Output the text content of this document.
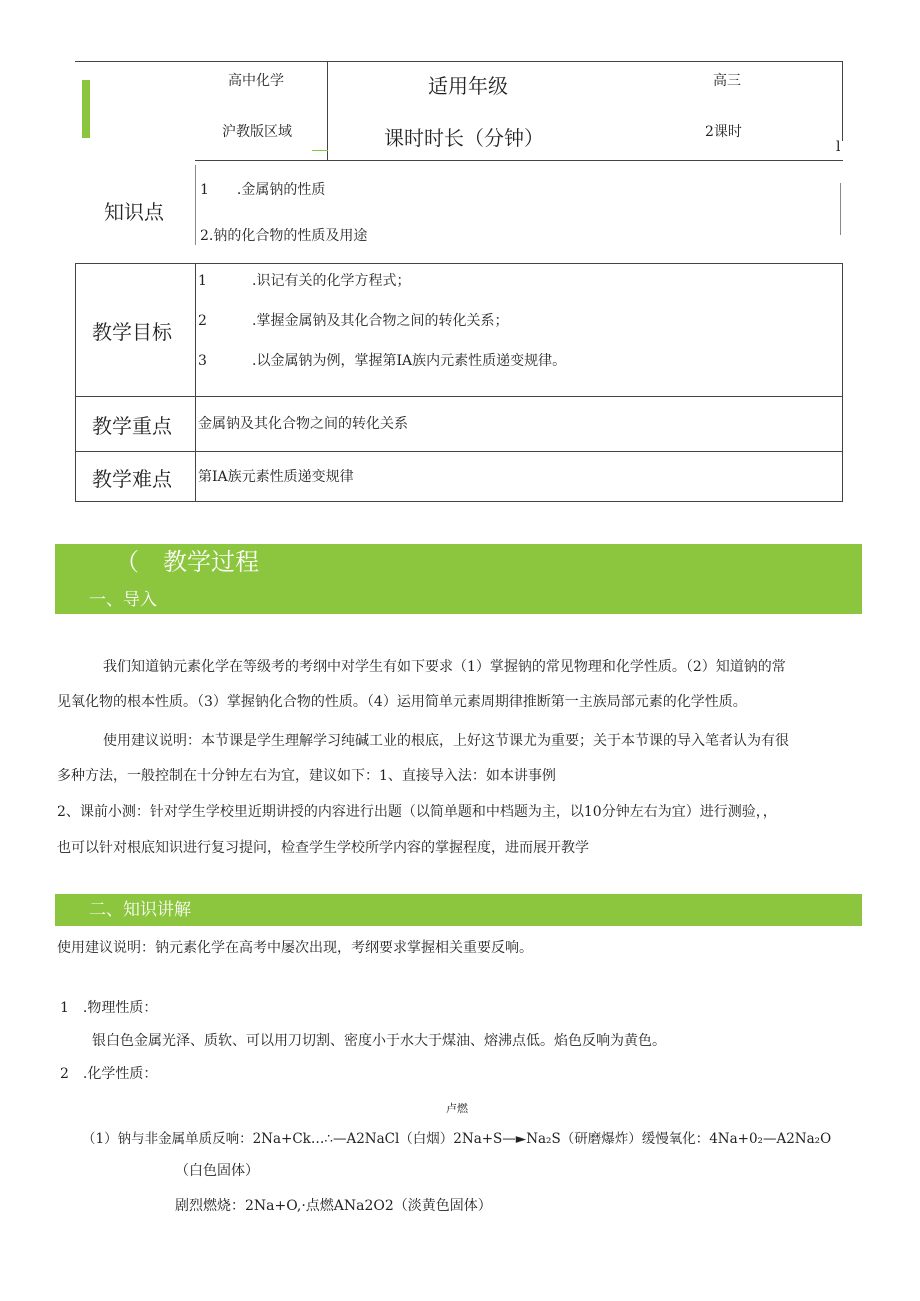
高中化学	适用年级	高三
沪教版区域	课时时长（分钟）	2课时
l
知识点
1　　.金属钠的性质
2.钠的化合物的性质及用途
教学目标
1	.识记有关的化学方程式；
2	.掌握金属钠及其化合物之间的转化关系；
3	.以金属钠为例，掌握第IA族内元素性质递变规律。
教学重点 金属钠及其化合物之间的转化关系
教学难点 第IA族元素性质递变规律
（　教学过程
一、导入
我们知道钠元素化学在等级考的考纲中对学生有如下要求（1）掌握钠的常见物理和化学性质。（2）知道钠的常
见氧化物的根本性质。（3）掌握钠化合物的性质。（4）运用简单元素周期律推断第一主族局部元素的化学性质。
使用建议说明：本节课是学生理解学习纯碱工业的根底，上好这节课尤为重要；关于本节课的导入笔者认为有很
多种方法，一般控制在十分钟左右为宜，建议如下：1、直接导入法：如本讲事例
2、课前小测：针对学生学校里近期讲授的内容进行出题（以简单题和中档题为主，以10分钟左右为宜）进行测验，，
也可以针对根底知识进行复习提问，检查学生学校所学内容的掌握程度，进而展开教学
二、知识讲解
使用建议说明：钠元素化学在高考中屡次出现，考纲要求掌握相关重要反响。
1　.物理性质：
银白色金属光泽、质软、可以用刀切割、密度小于水大于煤油、熔沸点低。焰色反响为黄色。
2　.化学性质：
卢燃
（1）钠与非金属单质反响：2Na+Ck…∴—A2NaCl（白烟）2Na+S—►Na₂S（研磨爆炸）缓慢氧化：4Na+0₂—A2Na₂O
（白色固体）
剧烈燃烧：2Na+O,·点燃ANa2O2（淡黄色固体）
